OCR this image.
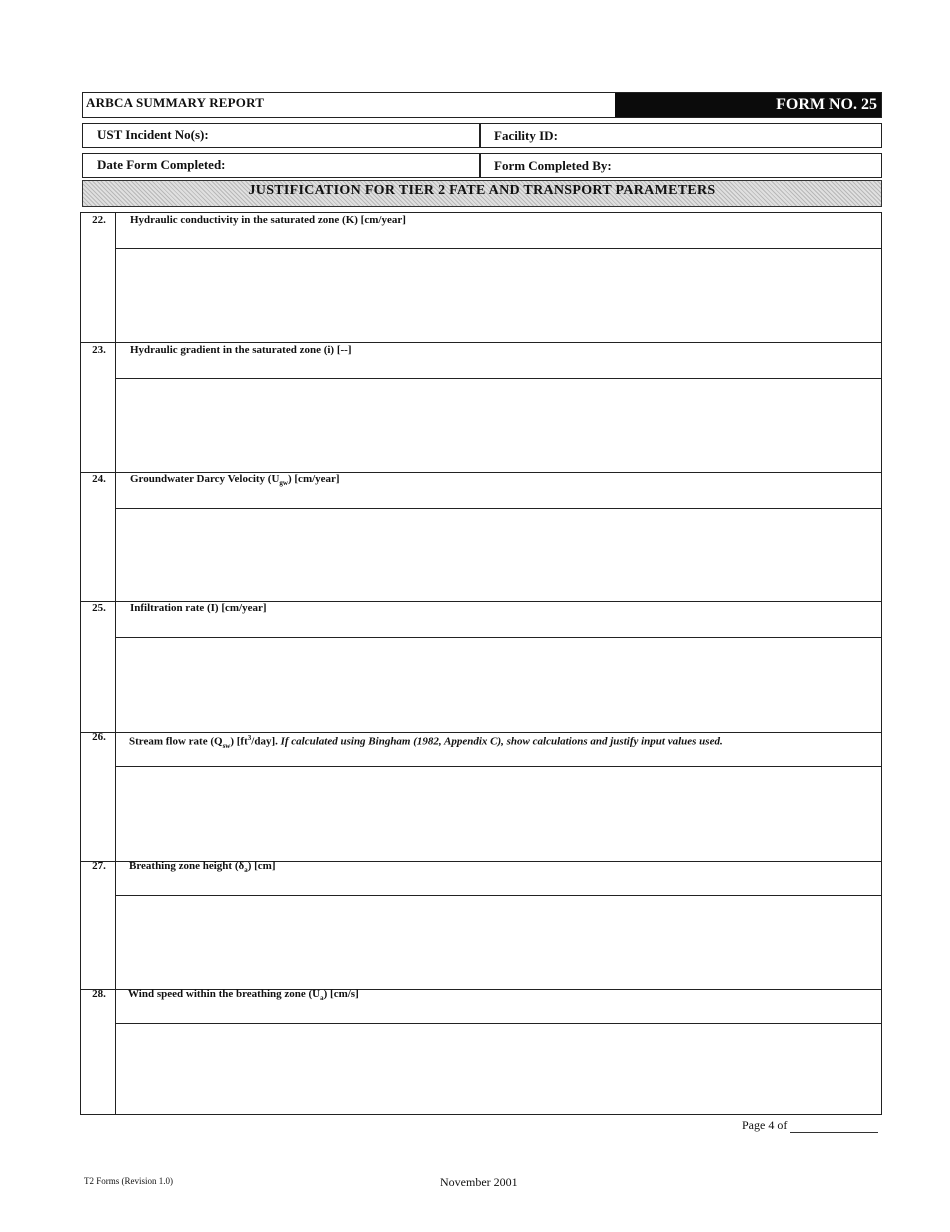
ARBCA SUMMARY REPORT	FORM NO. 25
UST Incident No(s):	Facility ID:
Date Form Completed:	Form Completed By:
JUSTIFICATION FOR TIER 2 FATE AND TRANSPORT PARAMETERS
22.	Hydraulic conductivity in the saturated zone (K) [cm/year]
23.	Hydraulic gradient in the saturated zone (i) [--]
24.	Groundwater Darcy Velocity $(U_{gw})$ [cm/year]
25.	Infiltration rate (I) [cm/year]
26.	Stream flow rate $(Q_{sw})$ $[ft^3/day]$. If calculated using Bingham (1982, Appendix C), show calculations and justify input values used.
27.	Breathing zone height $(\delta_a)$ [cm]
28.	Wind speed within the breathing zone $(U_a)$ [cm/s]
Page 4 of
T2 Forms (Revision 1.0)	November 2001
